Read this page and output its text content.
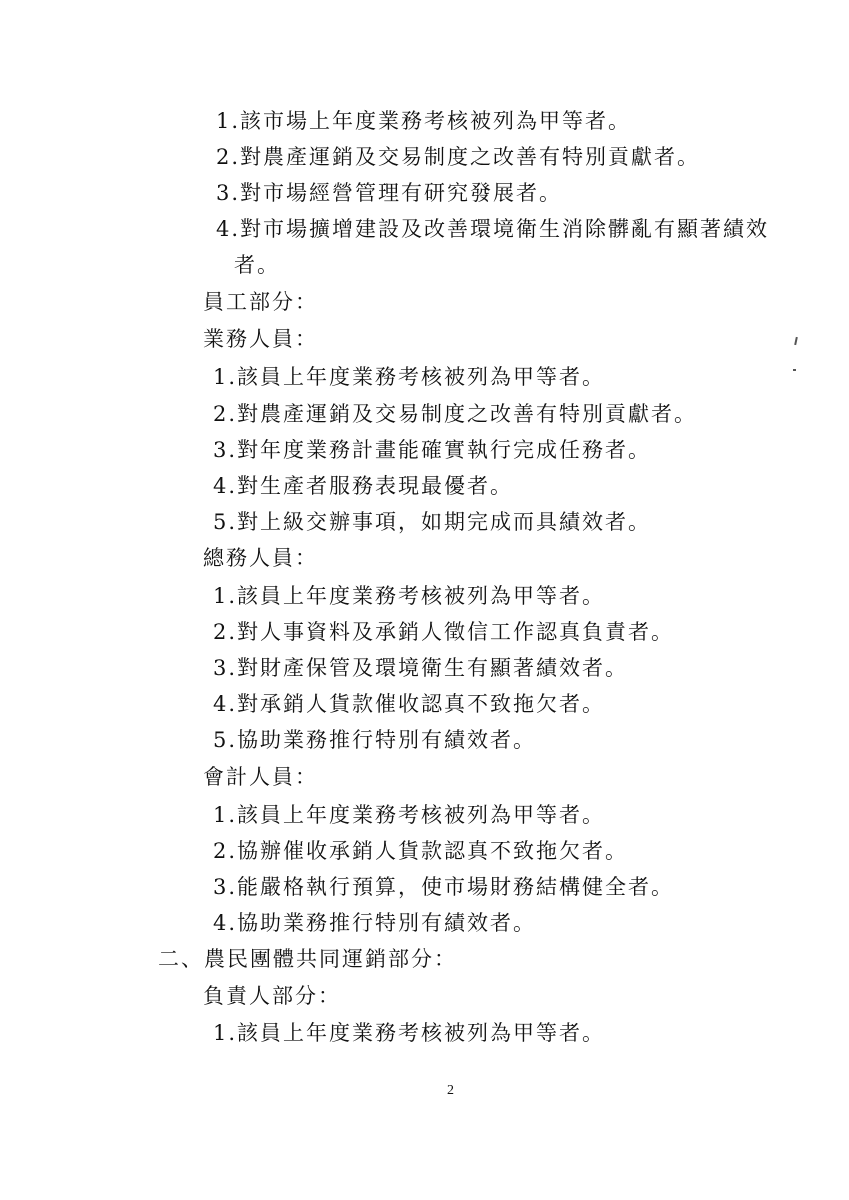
1.該市場上年度業務考核被列為甲等者。
2.對農產運銷及交易制度之改善有特別貢獻者。
3.對市場經營管理有研究發展者。
4.對市場擴增建設及改善環境衛生消除髒亂有顯著績效
者。
員工部分：
業務人員：
1.該員上年度業務考核被列為甲等者。
2.對農產運銷及交易制度之改善有特別貢獻者。
3.對年度業務計畫能確實執行完成任務者。
4.對生產者服務表現最優者。
5.對上級交辦事項，如期完成而具績效者。
總務人員：
1.該員上年度業務考核被列為甲等者。
2.對人事資料及承銷人徵信工作認真負責者。
3.對財產保管及環境衛生有顯著績效者。
4.對承銷人貨款催收認真不致拖欠者。
5.協助業務推行特別有績效者。
會計人員：
1.該員上年度業務考核被列為甲等者。
2.協辦催收承銷人貨款認真不致拖欠者。
3.能嚴格執行預算，使市場財務結構健全者。
4.協助業務推行特別有績效者。
二、農民團體共同運銷部分：
負責人部分：
1.該員上年度業務考核被列為甲等者。
2
